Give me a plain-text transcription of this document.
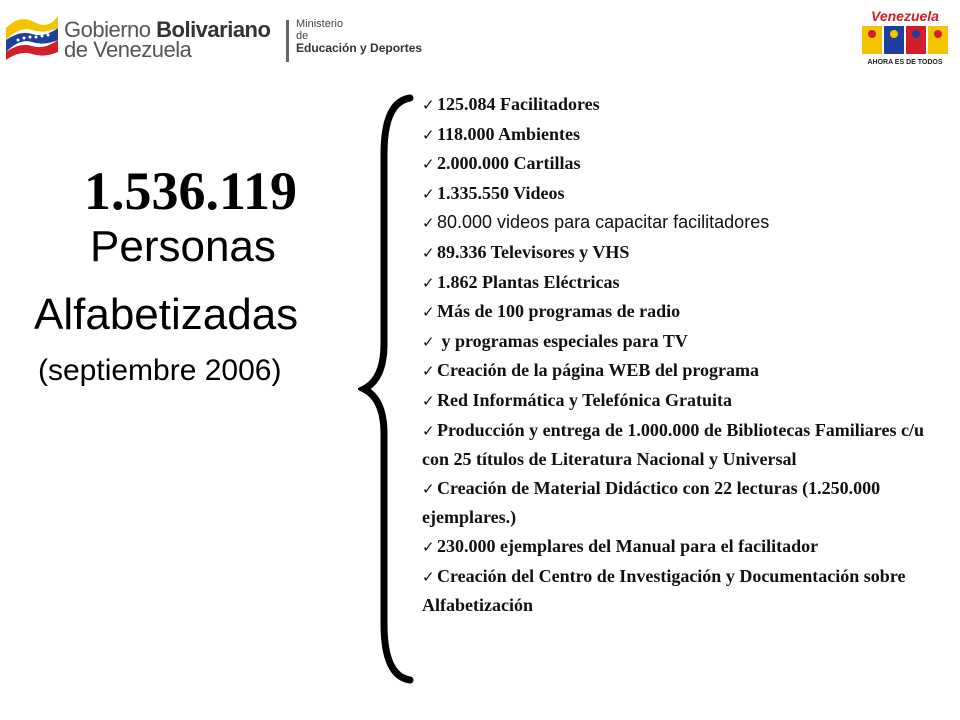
Gobierno Bolivariano
de Venezuela
Ministerio
de
Educación y Deportes
Venezuela
AHORA ES DE TODOS
1.536.119
Personas
Alfabetizadas
(septiembre 2006)
✓ 125.084 Facilitadores
✓ 118.000 Ambientes
✓ 2.000.000 Cartillas
✓ 1.335.550 Videos
✓ 80.000 videos para capacitar facilitadores
✓ 89.336 Televisores y VHS
✓ 1.862 Plantas Eléctricas
✓ Más de 100 programas de radio
✓ y programas especiales para TV
✓ Creación de la página WEB del programa
✓ Red Informática y Telefónica Gratuita
✓ Producción y entrega de 1.000.000 de Bibliotecas Familiares c/u con 25 títulos de Literatura Nacional y Universal
✓ Creación de Material Didáctico con 22 lecturas (1.250.000 ejemplares.)
✓ 230.000 ejemplares del Manual para el facilitador
✓ Creación del Centro de Investigación y Documentación sobre Alfabetización
